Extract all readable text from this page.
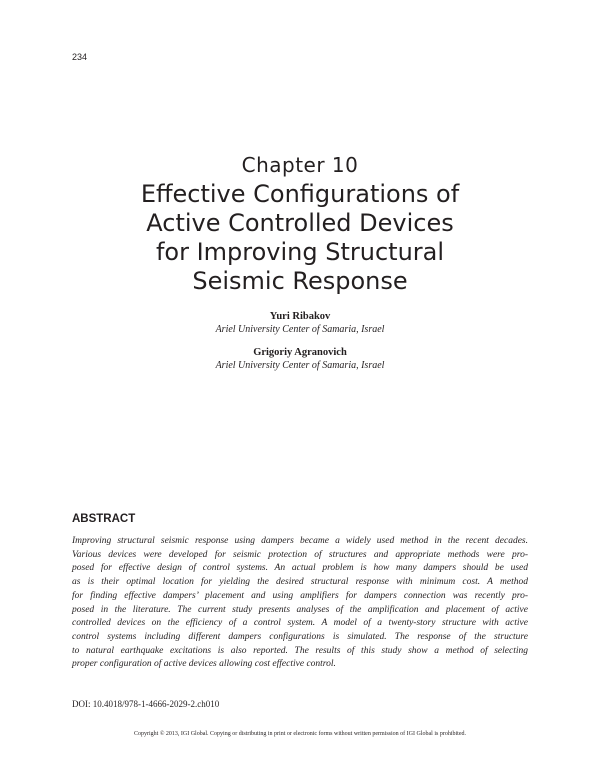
234
Chapter 10
Effective Configurations of
Active Controlled Devices
for Improving Structural
Seismic Response
Yuri Ribakov
Ariel University Center of Samaria, Israel
Grigoriy Agranovich
Ariel University Center of Samaria, Israel
ABSTRACT

Improving structural seismic response using dampers became a widely used method in the recent decades.
Various devices were developed for seismic protection of structures and appropriate methods were pro-
posed for effective design of control systems. An actual problem is how many dampers should be used
as is their optimal location for yielding the desired structural response with minimum cost. A method
for finding effective dampers’ placement and using amplifiers for dampers connection was recently pro-
posed in the literature. The current study presents analyses of the amplification and placement of active
controlled devices on the efficiency of a control system. A model of a twenty-story structure with active
control systems including different dampers configurations is simulated. The response of the structure
to natural earthquake excitations is also reported. The results of this study show a method of selecting
proper configuration of active devices allowing cost effective control.

DOI: 10.4018/978-1-4666-2029-2.ch010
Copyright © 2013, IGI Global. Copying or distributing in print or electronic forms without written permission of IGI Global is prohibited.
